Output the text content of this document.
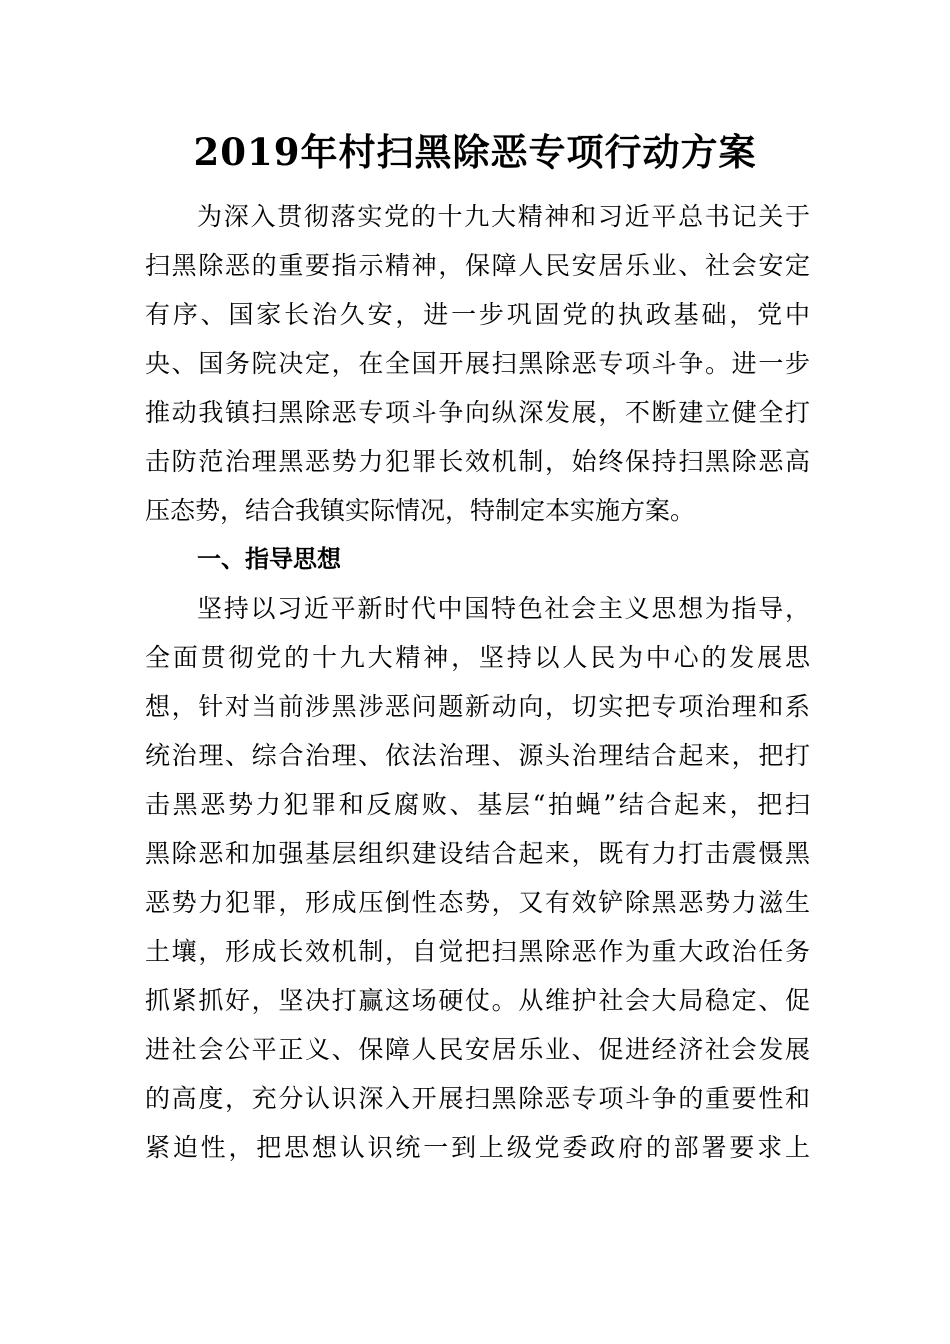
2019年村扫黑除恶专项行动方案
为深入贯彻落实党的十九大精神和习近平总书记关于
扫黑除恶的重要指示精神，保障人民安居乐业、社会安定
有序、国家长治久安，进一步巩固党的执政基础，党中
央、国务院决定，在全国开展扫黑除恶专项斗争。进一步
推动我镇扫黑除恶专项斗争向纵深发展，不断建立健全打
击防范治理黑恶势力犯罪长效机制，始终保持扫黑除恶高
压态势，结合我镇实际情况，特制定本实施方案。
一、指导思想
坚持以习近平新时代中国特色社会主义思想为指导，
全面贯彻党的十九大精神，坚持以人民为中心的发展思
想，针对当前涉黑涉恶问题新动向，切实把专项治理和系
统治理、综合治理、依法治理、源头治理结合起来，把打
击黑恶势力犯罪和反腐败、基层“拍蝇”结合起来，把扫
黑除恶和加强基层组织建设结合起来，既有力打击震慑黑
恶势力犯罪，形成压倒性态势，又有效铲除黑恶势力滋生
土壤，形成长效机制，自觉把扫黑除恶作为重大政治任务
抓紧抓好，坚决打赢这场硬仗。从维护社会大局稳定、促
进社会公平正义、保障人民安居乐业、促进经济社会发展
的高度，充分认识深入开展扫黑除恶专项斗争的重要性和
紧迫性，把思想认识统一到上级党委政府的部署要求上
